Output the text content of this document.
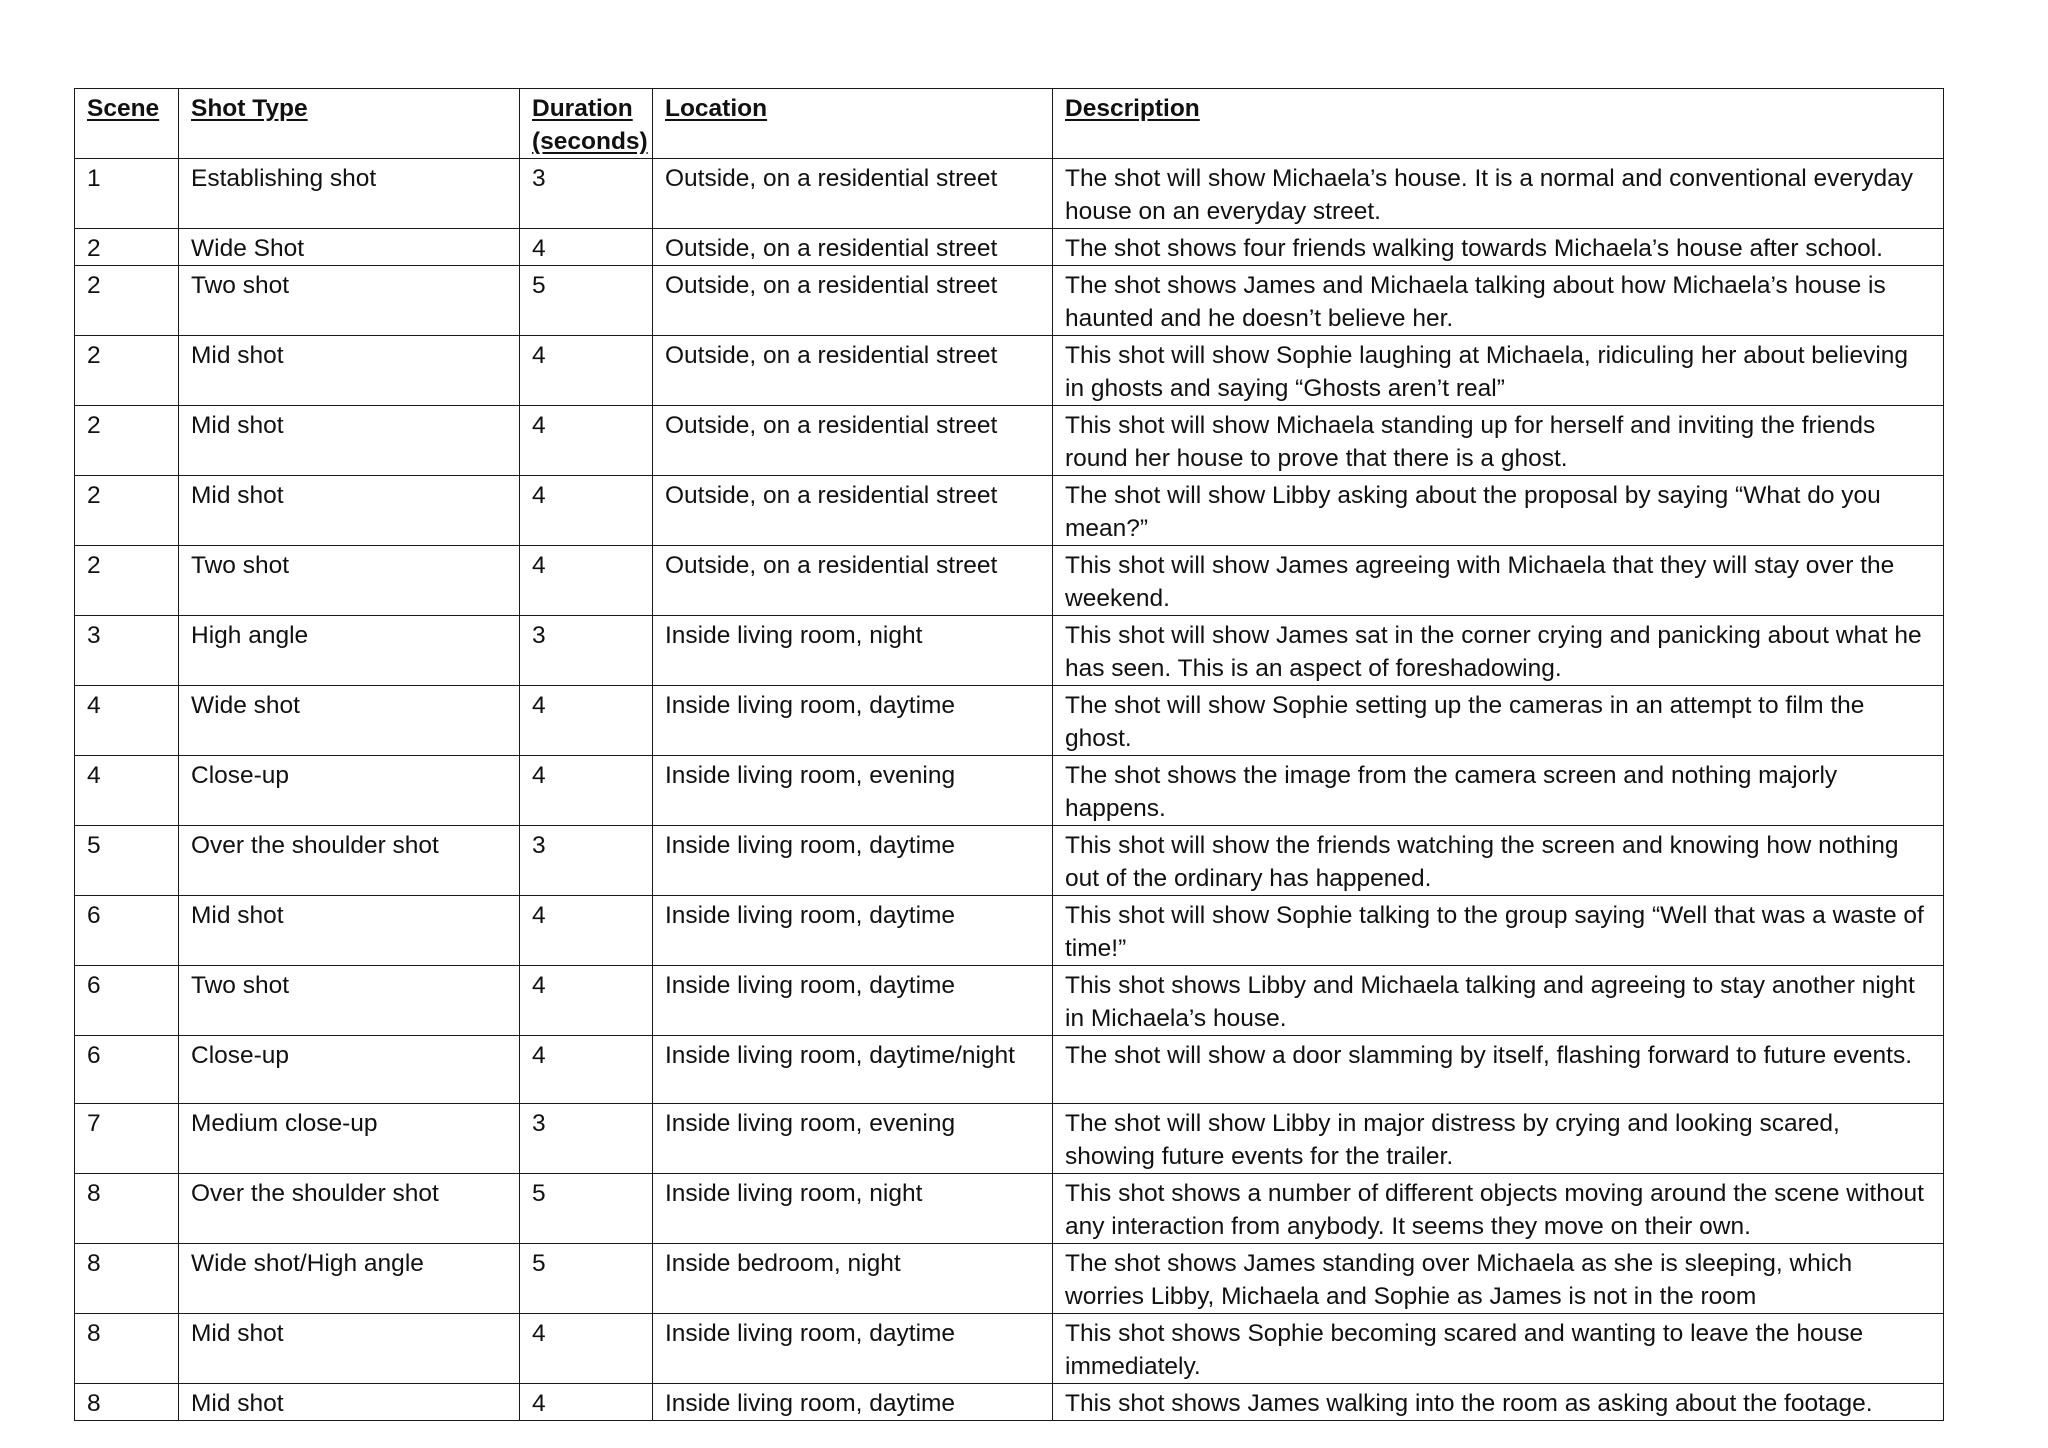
Scene	Shot Type	Duration (seconds)	Location	Description
1	Establishing shot	3	Outside, on a residential street	The shot will show Michaela’s house. It is a normal and conventional everyday house on an everyday street.
2	Wide Shot	4	Outside, on a residential street	The shot shows four friends walking towards Michaela’s house after school.
2	Two shot	5	Outside, on a residential street	The shot shows James and Michaela talking about how Michaela’s house is haunted and he doesn’t believe her.
2	Mid shot	4	Outside, on a residential street	This shot will show Sophie laughing at Michaela, ridiculing her about believing in ghosts and saying “Ghosts aren’t real”
2	Mid shot	4	Outside, on a residential street	This shot will show Michaela standing up for herself and inviting the friends round her house to prove that there is a ghost.
2	Mid shot	4	Outside, on a residential street	The shot will show Libby asking about the proposal by saying “What do you mean?”
2	Two shot	4	Outside, on a residential street	This shot will show James agreeing with Michaela that they will stay over the weekend.
3	High angle	3	Inside living room, night	This shot will show James sat in the corner crying and panicking about what he has seen. This is an aspect of foreshadowing.
4	Wide shot	4	Inside living room, daytime	The shot will show Sophie setting up the cameras in an attempt to film the ghost.
4	Close-up	4	Inside living room, evening	The shot shows the image from the camera screen and nothing majorly happens.
5	Over the shoulder shot	3	Inside living room, daytime	This shot will show the friends watching the screen and knowing how nothing out of the ordinary has happened.
6	Mid shot	4	Inside living room, daytime	This shot will show Sophie talking to the group saying “Well that was a waste of time!”
6	Two shot	4	Inside living room, daytime	This shot shows Libby and Michaela talking and agreeing to stay another night in Michaela’s house.
6	Close-up	4	Inside living room, daytime/night	The shot will show a door slamming by itself, flashing forward to future events.
7	Medium close-up	3	Inside living room, evening	The shot will show Libby in major distress by crying and looking scared, showing future events for the trailer.
8	Over the shoulder shot	5	Inside living room, night	This shot shows a number of different objects moving around the scene without any interaction from anybody. It seems they move on their own.
8	Wide shot/High angle	5	Inside bedroom, night	The shot shows James standing over Michaela as she is sleeping, which worries Libby, Michaela and Sophie as James is not in the room
8	Mid shot	4	Inside living room, daytime	This shot shows Sophie becoming scared and wanting to leave the house immediately.
8	Mid shot	4	Inside living room, daytime	This shot shows James walking into the room as asking about the footage.
